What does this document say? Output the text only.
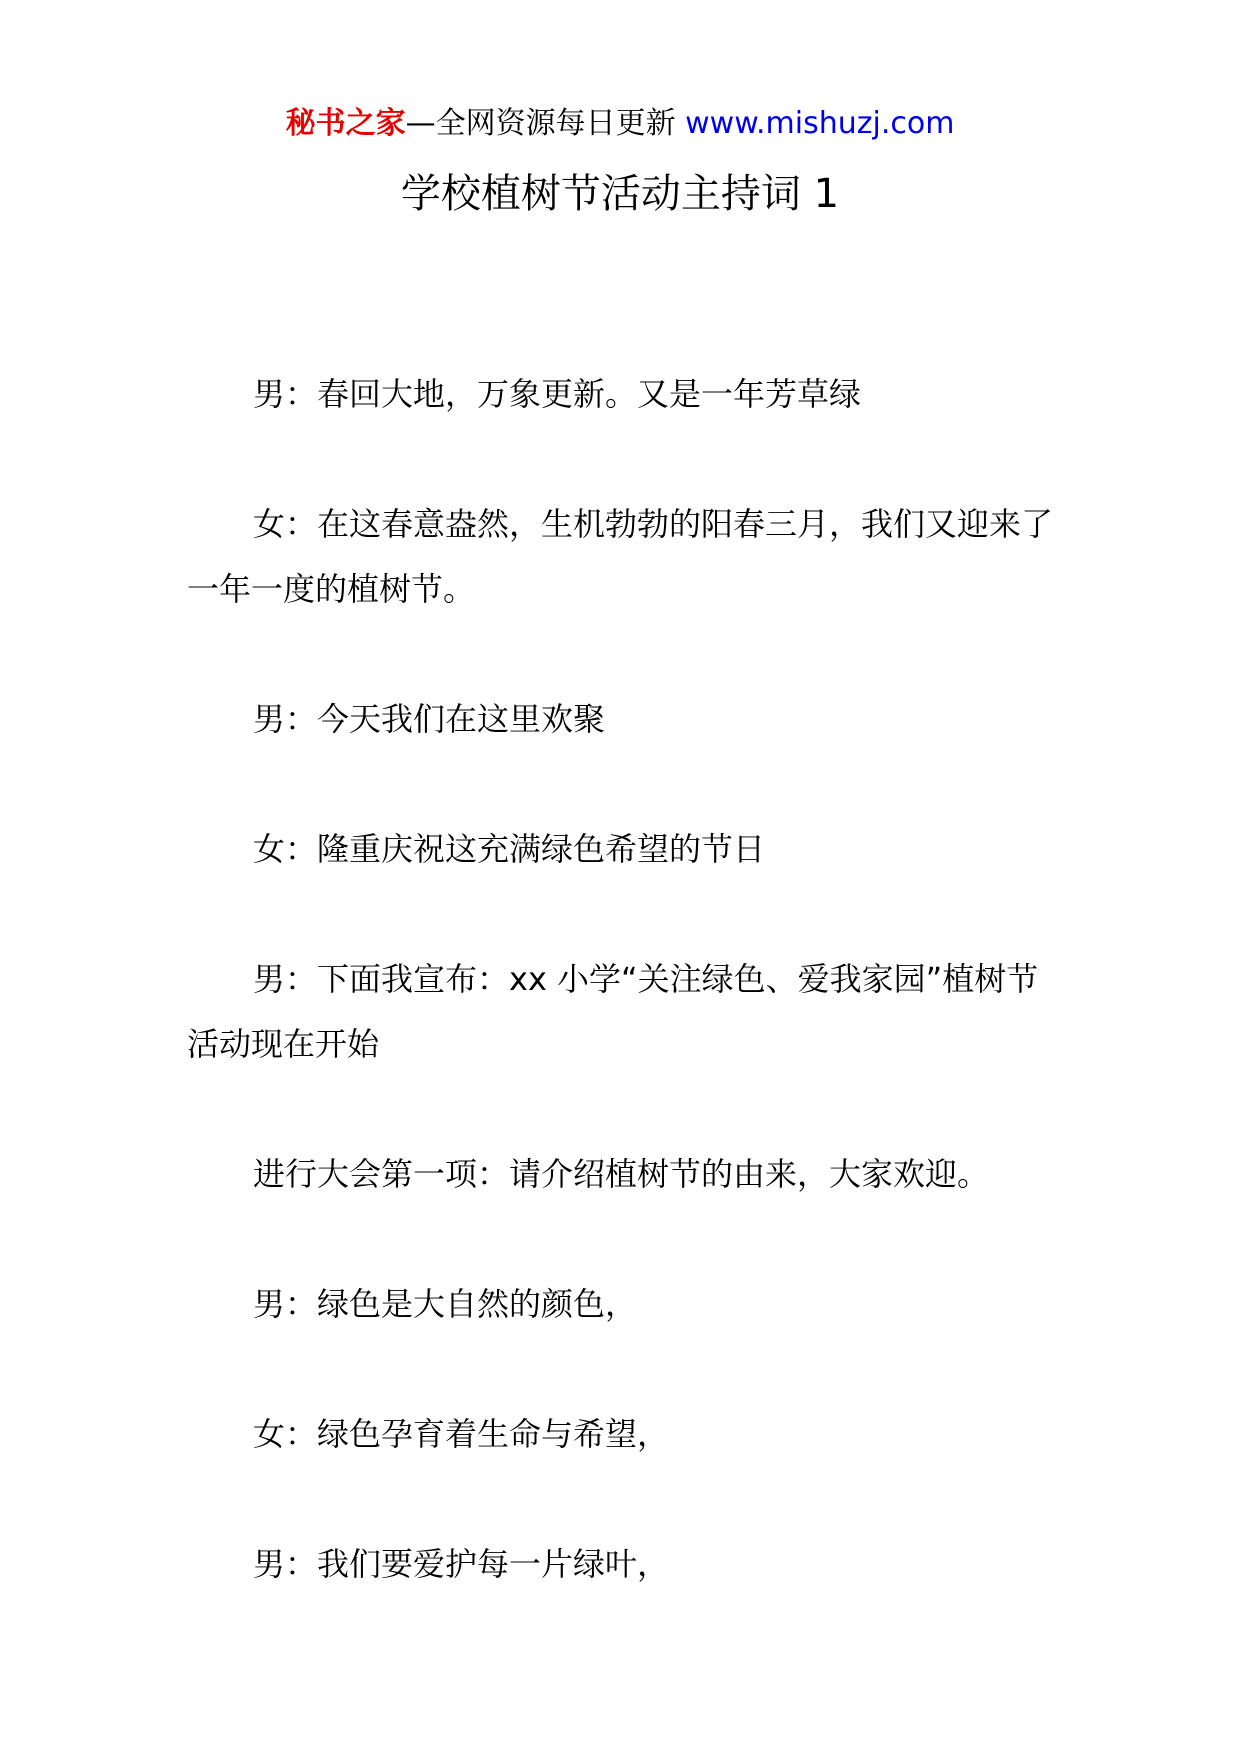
秘书之家—全网资源每日更新 www.mishuzj.com
学校植树节活动主持词 1

男：春回大地，万象更新。又是一年芳草绿

女：在这春意盎然，生机勃勃的阳春三月，我们又迎来了一年一度的植树节。

男：今天我们在这里欢聚

女：隆重庆祝这充满绿色希望的节日

男：下面我宣布：xx 小学“关注绿色、爱我家园”植树节活动现在开始

进行大会第一项：请介绍植树节的由来，大家欢迎。

男：绿色是大自然的颜色，

女：绿色孕育着生命与希望，

男：我们要爱护每一片绿叶，
